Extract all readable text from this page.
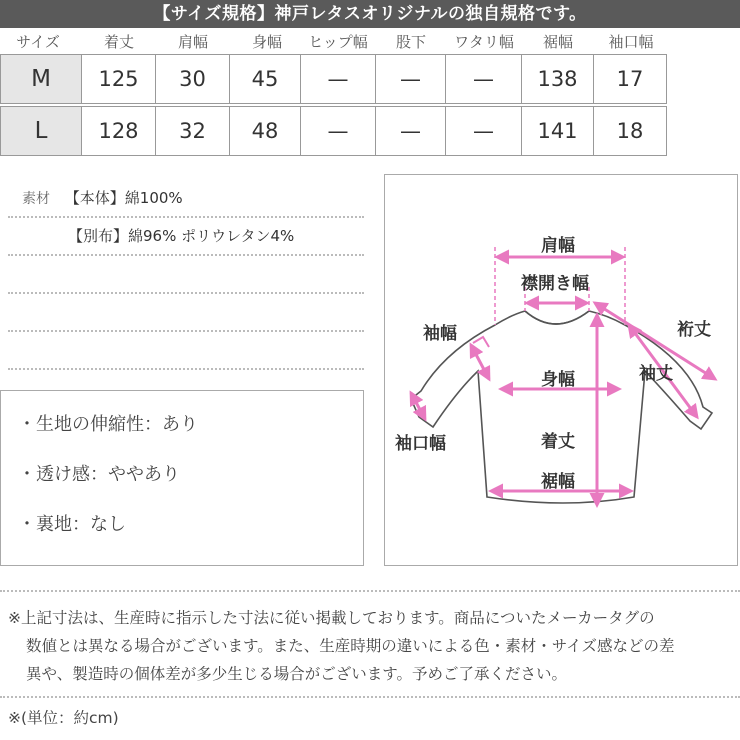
【サイズ規格】神戸レタスオリジナルの独自規格です。
サイズ	着丈	肩幅	身幅	ヒップ幅	股下	ワタリ幅	裾幅	袖口幅
M	125	30	45	—	—	—	138	17
L	128	32	48	—	—	—	141	18
素材 【本体】綿100%
【別布】綿96% ポリウレタン4%
・生地の伸縮性：あり
・透け感：ややあり
・裏地：なし
肩幅
襟開き幅
袖幅	裄丈
袖丈
身幅
袖口幅	着丈
裾幅
※上記寸法は、生産時に指示した寸法に従い掲載しております。商品についたメーカータグの
数値とは異なる場合がございます。また、生産時期の違いによる色・素材・サイズ感などの差
異や、製造時の個体差が多少生じる場合がございます。予めご了承ください。
※(単位：約cm)
